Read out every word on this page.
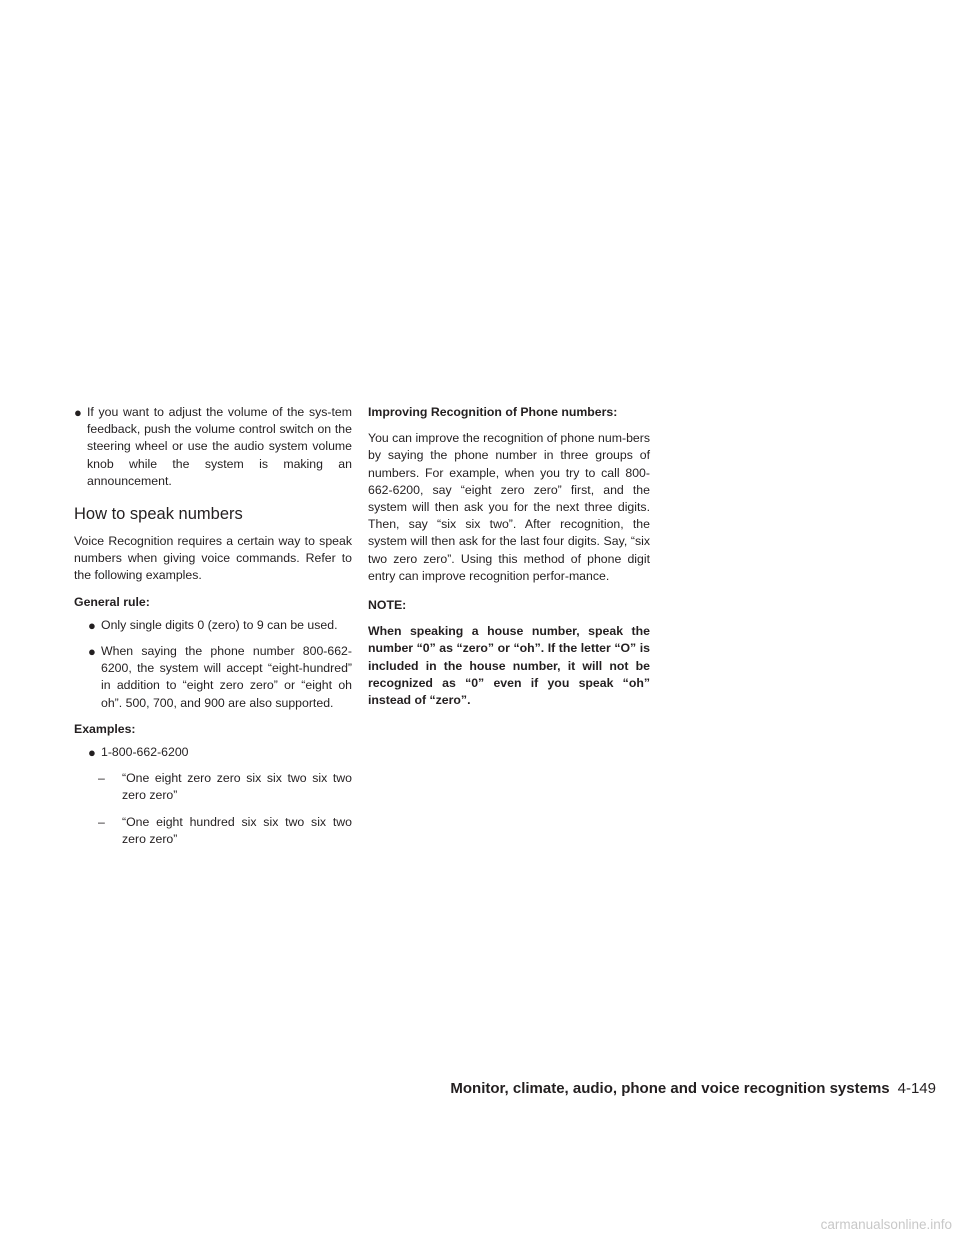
● If you want to adjust the volume of the sys-tem feedback, push the volume control switch on the steering wheel or use the audio system volume knob while the system is making an announcement.
How to speak numbers

Voice Recognition requires a certain way to speak numbers when giving voice commands. Refer to the following examples.

General rule:

● Only single digits 0 (zero) to 9 can be used.
● When saying the phone number 800-662-6200, the system will accept “eight-hundred” in addition to “eight zero zero” or “eight oh oh”. 500, 700, and 900 are also supported.

Examples:

● 1-800-662-6200
– “One eight zero zero six six two six two zero zero”
– “One eight hundred six six two six two zero zero”

Improving Recognition of Phone numbers:

You can improve the recognition of phone num-bers by saying the phone number in three groups of numbers. For example, when you try to call 800-662-6200, say “eight zero zero” first, and the system will then ask you for the next three digits. Then, say “six six two”. After recognition, the system will then ask for the last four digits. Say, “six two zero zero”. Using this method of phone digit entry can improve recognition perfor-mance.

NOTE:

When speaking a house number, speak the number “0” as “zero” or “oh”. If the letter “O” is included in the house number, it will not be recognized as “0” even if you speak “oh” instead of “zero”.

Monitor, climate, audio, phone and voice recognition systems 4-149
carmanualsonline.info
